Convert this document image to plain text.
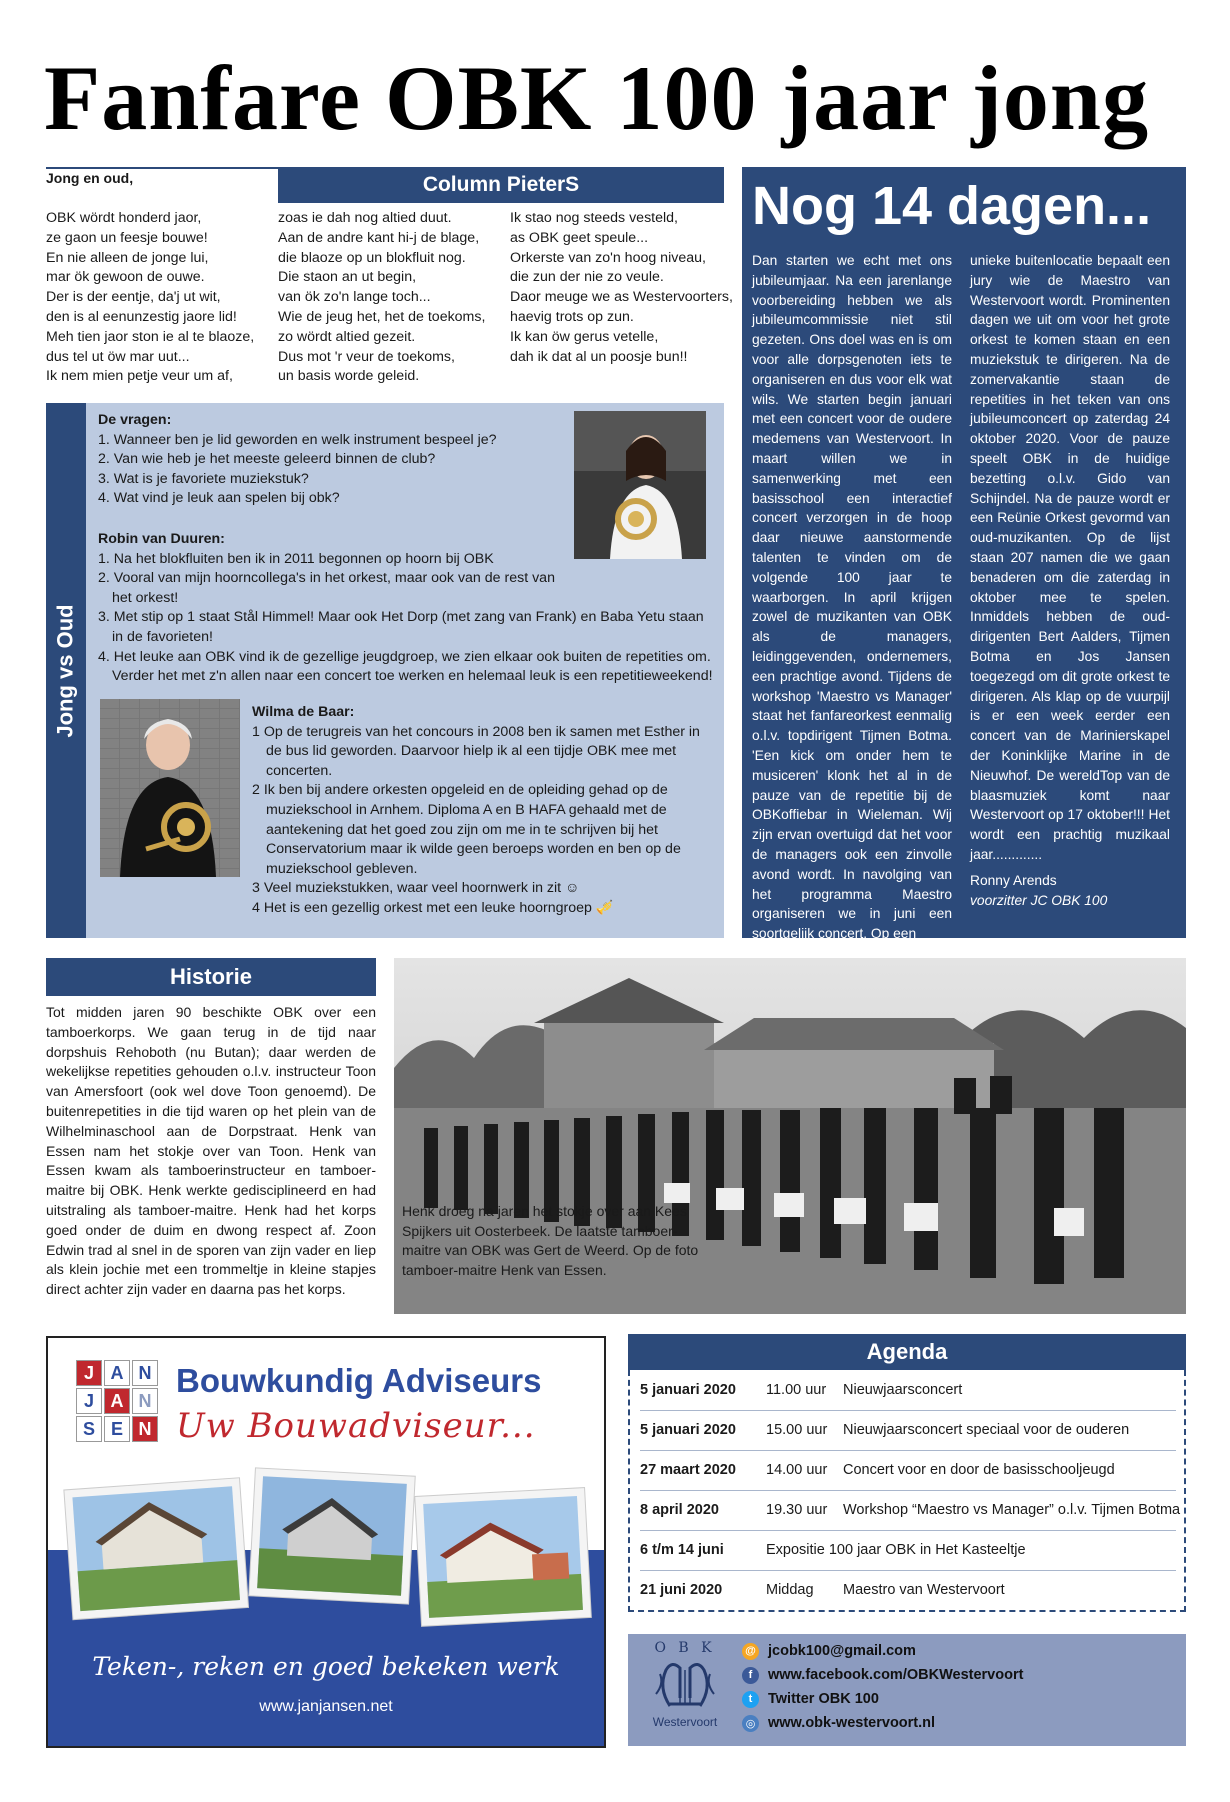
Fanfare OBK 100 jaar jong
Jong en oud,	Column PieterS
OBK wördt honderd jaor,
ze gaon un feesje bouwe!
En nie alleen de jonge lui,
mar ök gewoon de ouwe.
Der is der eentje, da'j ut wit,
den is al eenunzestig jaore lid!
Meh tien jaor ston ie al te blaoze,
dus tel ut öw mar uut...
Ik nem mien petje veur um af,
zoas ie dah nog altied duut.
Aan de andre kant hi-j de blage,
die blaoze op un blokfluit nog.
Die staon an ut begin,
van ök zo'n lange toch...
Wie de jeug het, het de toekoms,
zo wördt altied gezeit.
Dus mot 'r veur de toekoms,
un basis worde geleid.
Ik stao nog steeds vesteld,
as OBK geet speule...
Orkerste van zo'n hoog niveau,
die zun der nie zo veule.
Daor meuge we as Westervoorters,
haevig trots op zun.
Ik kan öw gerus vetelle,
dah ik dat al un poosje bun!!
Jong vs Oud
De vragen:
1. Wanneer ben je lid geworden en welk instrument bespeel je?
2. Van wie heb je het meeste geleerd binnen de club?
3. Wat is je favoriete muziekstuk?
4. Wat vind je leuk aan spelen bij obk?
Robin van Duuren:
1. Na het blokfluiten ben ik in 2011 begonnen op hoorn bij OBK
2. Vooral van mijn hoorncollega's in het orkest, maar ook van de rest van het orkest!
3. Met stip op 1 staat Stål Himmel! Maar ook Het Dorp (met zang van Frank) en Baba Yetu staan in de favorieten!
4. Het leuke aan OBK vind ik de gezellige jeugdgroep, we zien elkaar ook buiten de repetities om. Verder het met z'n allen naar een concert toe werken en helemaal leuk is een repetitieweekend!
Wilma de Baar:
1 Op de terugreis van het concours in 2008 ben ik samen met Esther in de bus lid geworden. Daarvoor hielp ik al een tijdje OBK mee met concerten.
2 Ik ben bij andere orkesten opgeleid en de opleiding gehad op de muziekschool in Arnhem. Diploma A en B HAFA gehaald met de aantekening dat het goed zou zijn om me in te schrijven bij het Conservatorium maar ik wilde geen beroeps worden en ben op de muziekschool gebleven.
3 Veel muziekstukken, waar veel hoornwerk in zit ☺
4 Het is een gezellig orkest met een leuke hoorngroep 🎺
Nog 14 dagen...
Dan starten we echt met ons jubileumjaar. Na een jarenlange voorbereiding hebben we als jubileumcommissie niet stil gezeten. Ons doel was en is om voor alle dorpsgenoten iets te organiseren en dus voor elk wat wils. We starten begin januari met een concert voor de oudere medemens van Westervoort. In maart willen we in samenwerking met een basisschool een interactief concert verzorgen in de hoop daar nieuwe aanstormende talenten te vinden om de volgende 100 jaar te waarborgen. In april krijgen zowel de muzikanten van OBK als de managers, leidinggevenden, ondernemers, een prachtige avond. Tijdens de workshop 'Maestro vs Manager' staat het fanfareorkest eenmalig o.l.v. topdirigent Tijmen Botma. 'Een kick om onder hem te musiceren' klonk het al in de pauze van de repetitie bij de OBKoffiebar in Wieleman. Wij zijn ervan overtuigd dat het voor de managers ook een zinvolle avond wordt. In navolging van het programma Maestro organiseren we in juni een soortgelijk concert. Op een
unieke buitenlocatie bepaalt een jury wie de Maestro van Westervoort wordt. Prominenten dagen we uit om voor het grote orkest te komen staan en een muziekstuk te dirigeren. Na de zomervakantie staan de repetities in het teken van ons jubileumconcert op zaterdag 24 oktober 2020. Voor de pauze speelt OBK in de huidige bezetting o.l.v. Gido van Schijndel. Na de pauze wordt er een Reünie Orkest gevormd van oud-muzikanten. Op de lijst staan 207 namen die we gaan benaderen om die zaterdag in oktober mee te spelen. Inmiddels hebben de oud-dirigenten Bert Aalders, Tijmen Botma en Jos Jansen toegezegd om dit grote orkest te dirigeren. Als klap op de vuurpijl is er een week eerder een concert van de Marinierskapel der Koninklijke Marine in de Nieuwhof. De wereldTop van de blaasmuziek komt naar Westervoort op 17 oktober!!! Het wordt een prachtig muzikaal jaar.............
Ronny Arends
voorzitter JC OBK 100
Historie
Tot midden jaren 90 beschikte OBK over een tamboerkorps. We gaan terug in de tijd naar dorpshuis Rehoboth (nu Butan); daar werden de wekelijkse repetities gehouden o.l.v. instructeur Toon van Amersfoort (ook wel dove Toon genoemd). De buitenrepetities in die tijd waren op het plein van de Wilhelminaschool aan de Dorpstraat. Henk van Essen nam het stokje over van Toon. Henk van Essen kwam als tamboerinstructeur en tamboer-maitre bij OBK. Henk werkte gedisciplineerd en had uitstraling als tamboer-maitre. Henk had het korps goed onder de duim en dwong respect af. Zoon Edwin trad al snel in de sporen van zijn vader en liep als klein jochie met een trommeltje in kleine stapjes direct achter zijn vader en daarna pas het korps.
Henk droeg na jaren het stokje over aan Kees Spijkers uit Oosterbeek. De laatste tamboer-maitre van OBK was Gert de Weerd. Op de foto tamboer-maitre Henk van Essen.
J A N
J A N
S E N
Bouwkundig Adviseurs
Uw Bouwadviseur...
Teken-, reken en goed bekeken werk
www.janjansen.net
Agenda
5 januari 2020 11.00 uur Nieuwjaarsconcert
5 januari 2020 15.00 uur Nieuwjaarsconcert speciaal voor de ouderen
27 maart 2020 14.00 uur Concert voor en door de basisschooljeugd
8 april 2020	19.30 uur Workshop “Maestro vs Manager” o.l.v. Tijmen Botma
6 t/m 14 juni	Expositie 100 jaar OBK in Het Kasteeltje
21 juni 2020	Middag Maestro van Westervoort
O B K
Westervoort
@ jcobk100@gmail.com
f	www.facebook.com/OBKWestervoort
t	Twitter OBK 100
◎ www.obk-westervoort.nl
